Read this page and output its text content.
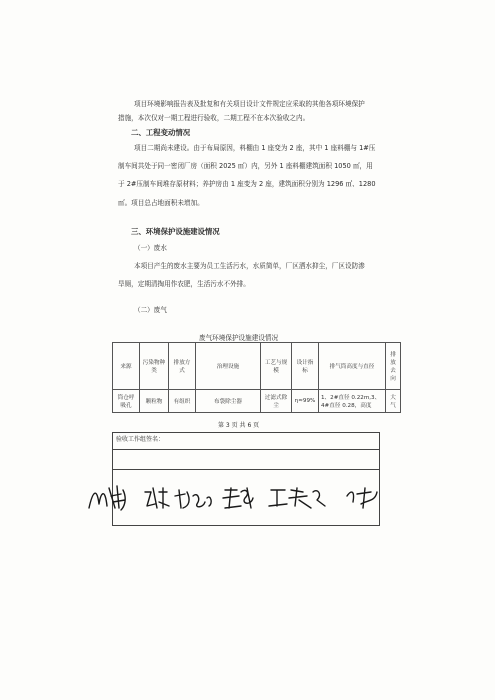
项目环境影响报告表及批复和有关项目设计文件规定应采取的其他各项环境保护
措施，本次仅对一期工程进行验收，二期工程不在本次验收之内。
二、工程变动情况
项目二期尚未建设。由于布局原因，料棚由 1 座变为 2 座，其中 1 座料棚与 1#压
制车间共处于同一密闭厂房（面积 2025 ㎡）内，另外 1 座料棚建筑面积 1050 ㎡，用
于 2#压制车间堆存原材料；养护房由 1 座变为 2 座，建筑面积分别为 1296 ㎡、1280
㎡。项目总占地面积未增加。
三、环境保护设施建设情况
（一）废水
本项目产生的废水主要为员工生活污水，水质简单，厂区洒水抑尘，厂区设防渗
旱厕，定期清掏用作农肥，生活污水不外排。
（二）废气
废气环境保护设施建设情况
来源	污染物种类	排放方式	治理设施	工艺与规模	设计指标	排气筒高度与直径	排放去向
筒仓呼吸孔	颗粒物	有组织	布袋除尘器	过滤式除尘	η≈99%	1、2#直径 0.22m,3、4#直径 0.28，高度	大气
第 3 页 共 6 页
验收工作组签名：
